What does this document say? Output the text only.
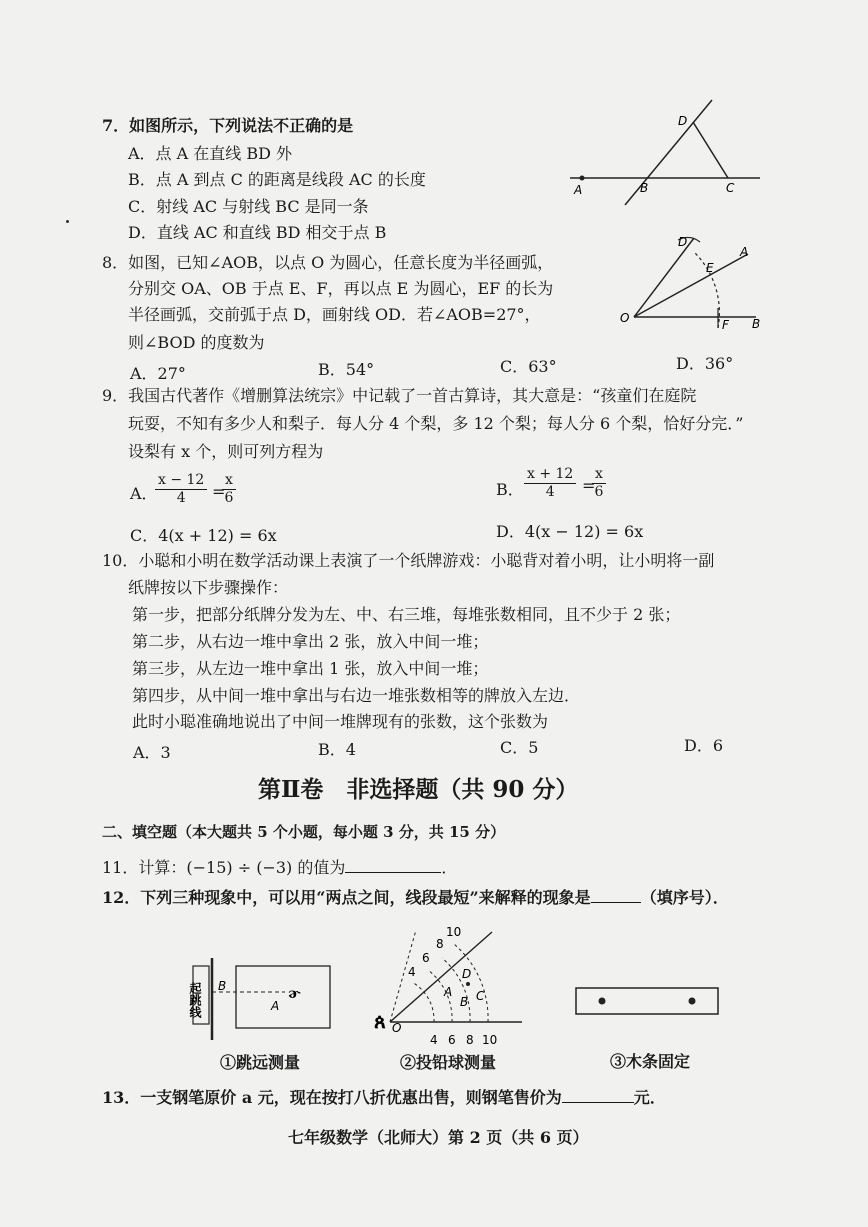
7．如图所示，下列说法不正确的是
A．点 A 在直线 BD 外
B．点 A 到点 C 的距离是线段 AC 的长度
C．射线 AC 与射线 BC 是同一条
D．直线 AC 和直线 BD 相交于点 B
A	B	C
D
8．如图，已知∠AOB，以点 O 为圆心，任意长度为半径画弧，
分别交 OA、OB 于点 E、F，再以点 E 为圆心，EF 的长为
半径画弧，交前弧于点 D，画射线 OD．若∠AOB=27°，
则∠BOD 的度数为
A．27°	B．54°	C．63°	D．36°
O
A
B
D
E
F
9．我国古代著作《增删算法统宗》中记载了一首古算诗，其大意是：“孩童们在庭院
玩耍，不知有多少人和梨子．每人分 4 个梨，多 12 个梨；每人分 6 个梨，恰好分完．”
设梨有 x 个，则可列方程为
A．
$\frac{x - 12}{4}$ =
$\frac{x}{6}$	B． $\frac{x + 12}{4}$ =
$\frac{x}{6}$
C．4(x + 12) = 6x	D．4(x − 12) = 6x
10．小聪和小明在数学活动课上表演了一个纸牌游戏：小聪背对着小明，让小明将一副
纸牌按以下步骤操作：
第一步，把部分纸牌分发为左、中、右三堆，每堆张数相同，且不少于 2 张；
第二步，从右边一堆中拿出 2 张，放入中间一堆；
第三步，从左边一堆中拿出 1 张，放入中间一堆；
第四步，从中间一堆中拿出与右边一堆张数相等的牌放入左边．
此时小聪准确地说出了中间一堆牌现有的张数，这个张数为
A．3	B．4	C．5	D．6
第Ⅱ卷　非选择题（共 90 分）
二、填空题（本大题共 5 个小题，每小题 3 分，共 15 分）
11．计算：(−15) ÷ (−3) 的值为	．
12．下列三种现象中，可以用“两点之间，线段最短”来解释的现象是	（填序号）．
ɚ
起跳线 B
A
①跳远测量
ጰ O
A
B C
D
4
6
8
10
4 6 8 10
②投铅球测量	③木条固定
13．一支钢笔原价 a 元，现在按打八折优惠出售，则钢笔售价为	元．
七年级数学（北师大）第 2 页（共 6 页）
